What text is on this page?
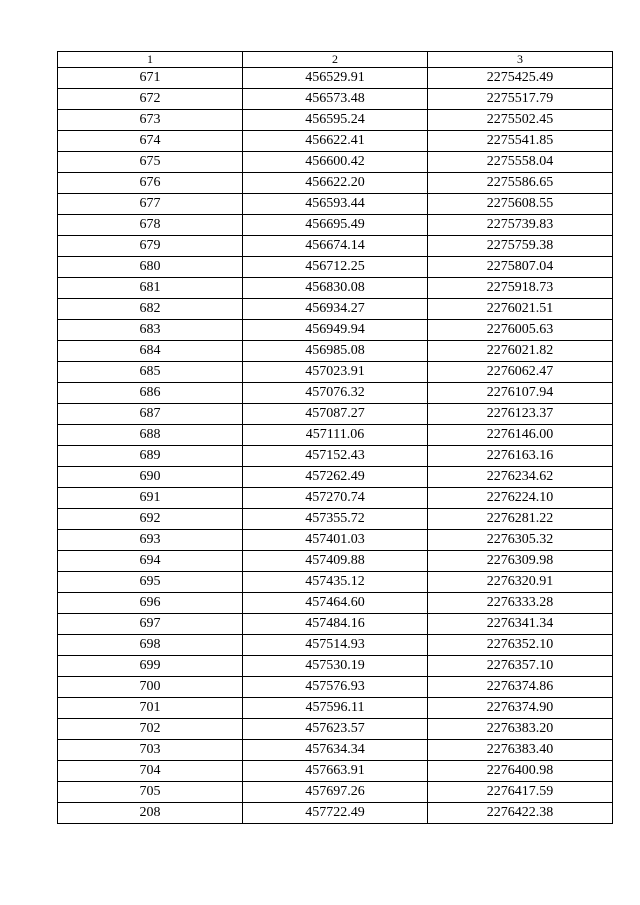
1	2	3
671	456529.91	2275425.49
672	456573.48	2275517.79
673	456595.24	2275502.45
674	456622.41	2275541.85
675	456600.42	2275558.04
676	456622.20	2275586.65
677	456593.44	2275608.55
678	456695.49	2275739.83
679	456674.14	2275759.38
680	456712.25	2275807.04
681	456830.08	2275918.73
682	456934.27	2276021.51
683	456949.94	2276005.63
684	456985.08	2276021.82
685	457023.91	2276062.47
686	457076.32	2276107.94
687	457087.27	2276123.37
688	457111.06	2276146.00
689	457152.43	2276163.16
690	457262.49	2276234.62
691	457270.74	2276224.10
692	457355.72	2276281.22
693	457401.03	2276305.32
694	457409.88	2276309.98
695	457435.12	2276320.91
696	457464.60	2276333.28
697	457484.16	2276341.34
698	457514.93	2276352.10
699	457530.19	2276357.10
700	457576.93	2276374.86
701	457596.11	2276374.90
702	457623.57	2276383.20
703	457634.34	2276383.40
704	457663.91	2276400.98
705	457697.26	2276417.59
208	457722.49	2276422.38
